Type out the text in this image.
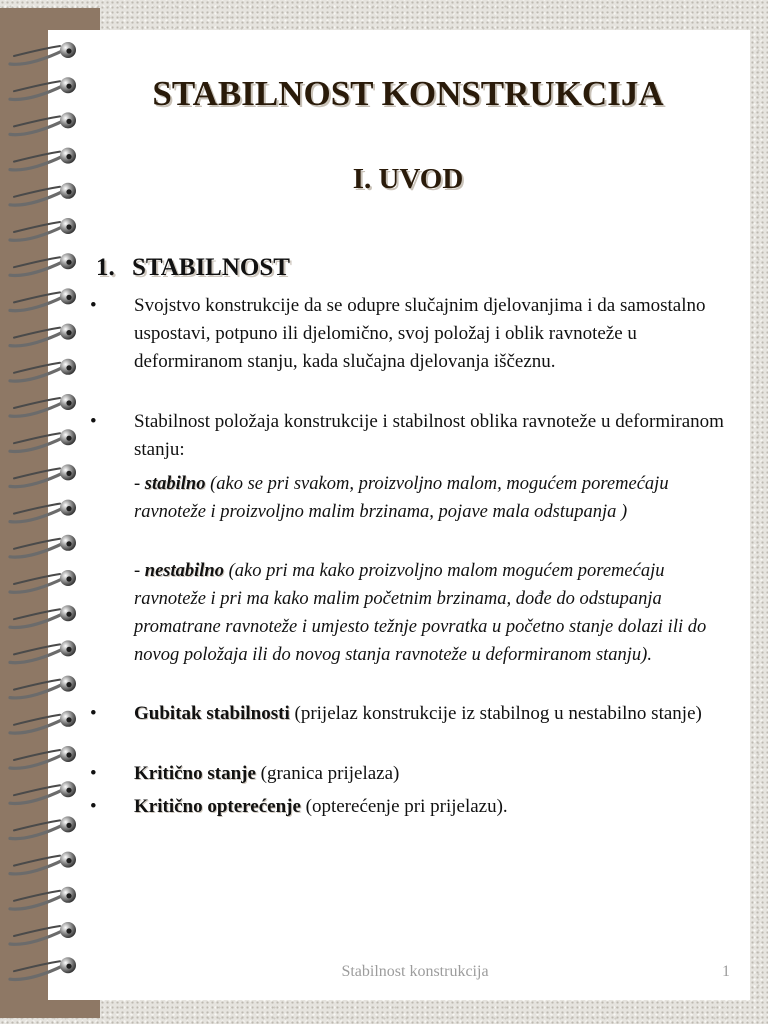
STABILNOST KONSTRUKCIJA
I. UVOD
1. STABILNOST
•	Svojstvo konstrukcije da se odupre slučajnim djelovanjima i da samostalno uspostavi, potpuno ili djelomično, svoj položaj i oblik ravnoteže u deformiranom stanju, kada slučajna djelovanja iščeznu.

•	Stabilnost položaja konstrukcije i stabilnost oblika ravnoteže u deformiranom stanju:

- stabilno (ako se pri svakom, proizvoljno malom, mogućem poremećaju ravnoteže i proizvoljno malim brzinama, pojave mala odstupanja )

- nestabilno (ako pri ma kako proizvoljno malom mogućem poremećaju ravnoteže i pri ma kako malim početnim brzinama, dođe do odstupanja promatrane ravnoteže i umjesto težnje povratka u početno stanje dolazi ili do novog položaja ili do novog stanja ravnoteže u deformiranom stanju).

•	Gubitak stabilnosti (prijelaz konstrukcije iz stabilnog u nestabilno stanje)

•	Kritično stanje (granica prijelaza)

•	Kritično opterećenje (opterećenje pri prijelazu).

Stabilnost konstrukcija	1
